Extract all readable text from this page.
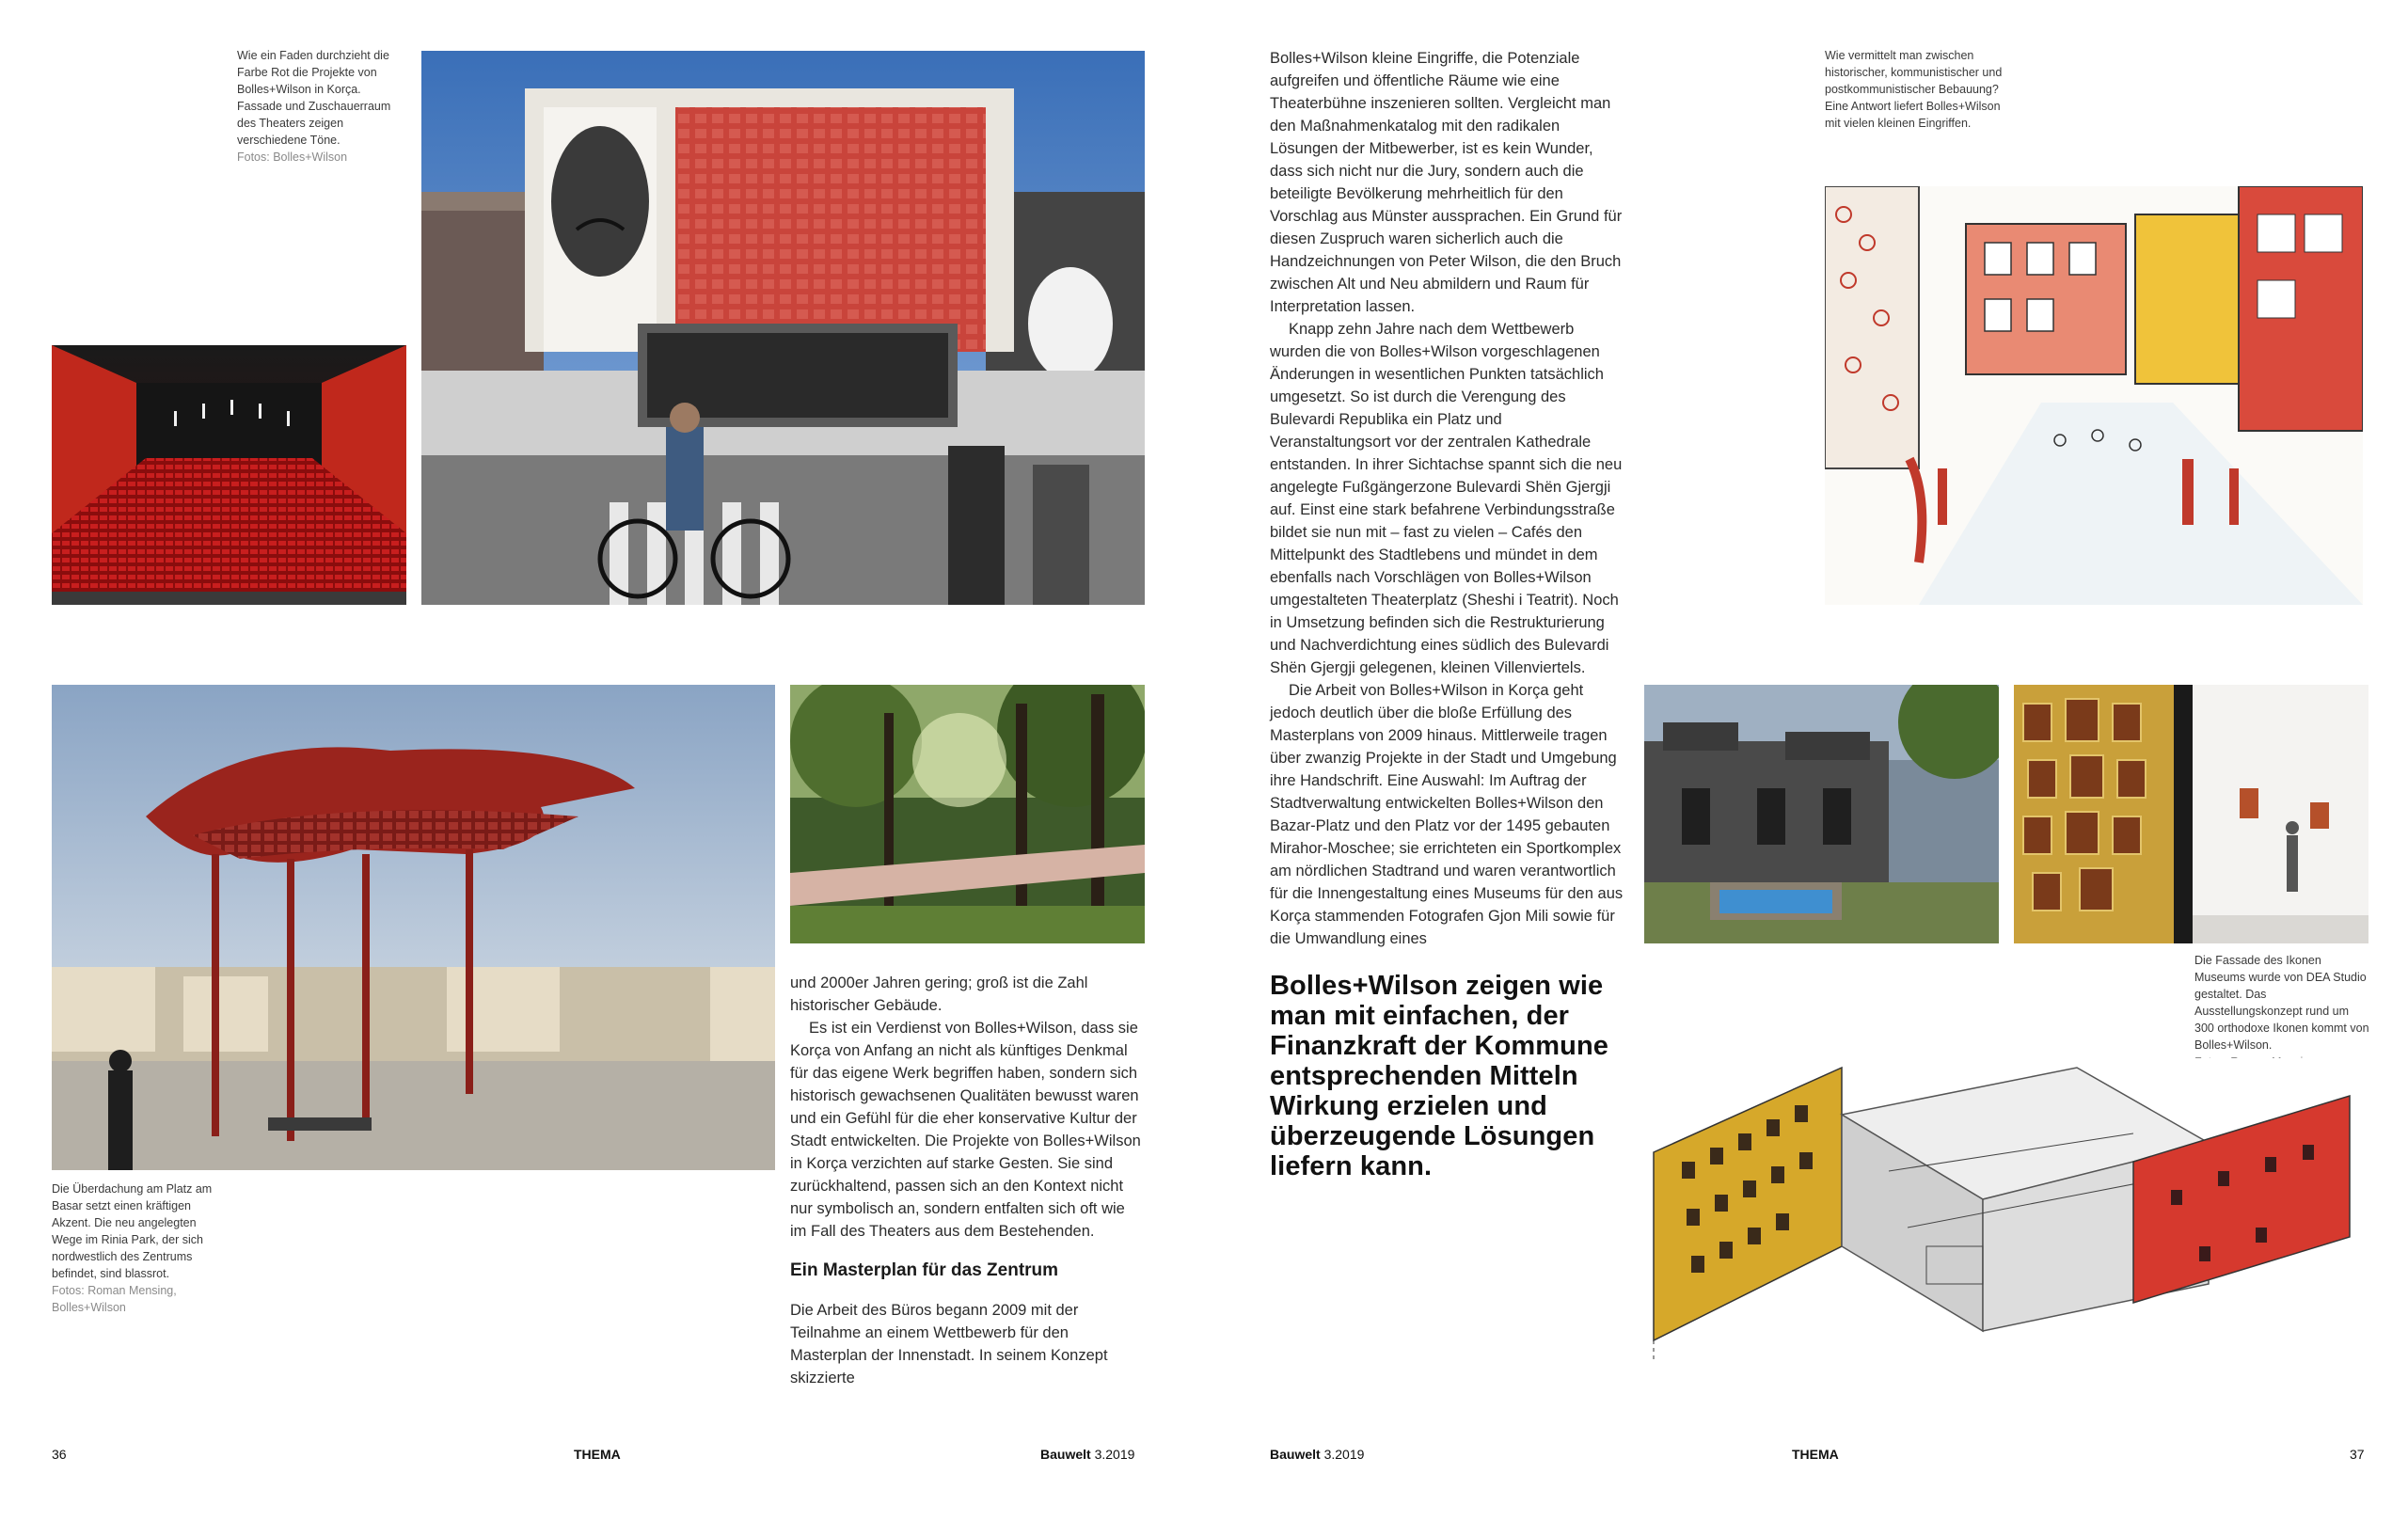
Wie ein Faden durchzieht die Farbe Rot die Projekte von Bolles+Wilson in Korça. Fassade und Zuschauerraum des Theaters zeigen verschiedene Töne.
Fotos: Bolles+Wilson
Die Überdachung am Platz am Basar setzt einen kräftigen Akzent. Die neu angelegten Wege im Rinia Park, der sich nordwestlich des Zentrums befindet, sind blassrot.
Fotos: Roman Mensing, Bolles+Wilson
Wie vermittelt man zwischen historischer, kommunistischer und postkommunistischer Bebauung? Eine Antwort liefert Bolles+Wilson mit vielen kleinen Eingriffen.
Die Fassade des Ikonen Museums wurde von DEA Studio gestaltet. Das Ausstellungskonzept rund um 300 orthodoxe Ikonen kommt von Bolles+Wilson.

und 2000er Jahren gering; groß ist die Zahl historischer Gebäude.

Es ist ein Verdienst von Bolles+Wilson, dass sie Korça von Anfang an nicht als künftiges Denkmal für das eigene Werk begriffen haben, sondern sich historisch gewachsenen Qualitäten bewusst waren und ein Gefühl für die eher konservative Kultur der Stadt entwickelten. Die Projekte von Bolles+Wilson in Korça verzichten auf starke Gesten. Sie sind zurückhaltend, passen sich an den Kontext nicht nur symbolisch an, sondern entfalten sich oft wie im Fall des Theaters aus dem Bestehenden.

Ein Masterplan für das Zentrum

Die Arbeit des Büros begann 2009 mit der Teilnahme an einem Wettbewerb für den Masterplan der Innenstadt. In seinem Konzept skizzierte

Bolles+Wilson kleine Eingriffe, die Potenziale aufgreifen und öffentliche Räume wie eine Theaterbühne inszenieren sollten. Vergleicht man den Maßnahmenkatalog mit den radikalen Lösungen der Mitbewerber, ist es kein Wunder, dass sich nicht nur die Jury, sondern auch die beteiligte Bevölkerung mehrheitlich für den Vorschlag aus Münster aussprachen. Ein Grund für diesen Zuspruch waren sicherlich auch die Handzeichnungen von Peter Wilson, die den Bruch zwischen Alt und Neu abmildern und Raum für Interpretation lassen.

Knapp zehn Jahre nach dem Wettbewerb wurden die von Bolles+Wilson vorgeschlagenen Änderungen in wesentlichen Punkten tatsächlich umgesetzt. So ist durch die Verengung des Bulevardi Republika ein Platz und Veranstaltungsort vor der zentralen Kathedrale entstanden. In ihrer Sichtachse spannt sich die neu angelegte Fußgängerzone Bulevardi Shën Gjergji auf. Einst eine stark befahrene Verbindungsstraße bildet sie nun mit – fast zu vielen – Cafés den Mittelpunkt des Stadtlebens und mündet in dem ebenfalls nach Vorschlägen von Bolles+Wilson umgestalteten Theaterplatz (Sheshi i Teatrit). Noch in Umsetzung befinden sich die Restrukturierung und Nachverdichtung eines südlich des Bulevardi Shën Gjergji gelegenen, kleinen Villenviertels.

Die Arbeit von Bolles+Wilson in Korça geht jedoch deutlich über die bloße Erfüllung des Masterplans von 2009 hinaus. Mittlerweile tragen über zwanzig Projekte in der Stadt und Umgebung ihre Handschrift. Eine Auswahl: Im Auftrag der Stadtverwaltung entwickelten Bolles+Wilson den Bazar-Platz und den Platz vor der 1495 gebauten Mirahor-Moschee; sie errichteten ein Sportkomplex am nördlichen Stadtrand und waren verantwortlich für die Innengestaltung eines Museums für den aus Korça stammenden Fotografen Gjon Mili sowie für die Umwandlung eines

Bolles+Wilson zeigen wie man mit einfachen, der Finanzkraft der Kommune entsprechenden Mitteln Wirkung erzielen und überzeugende Lösungen liefern kann.
36	THEMA	Bauwelt 3.2019	Bauwelt 3.2019	THEMA	37
